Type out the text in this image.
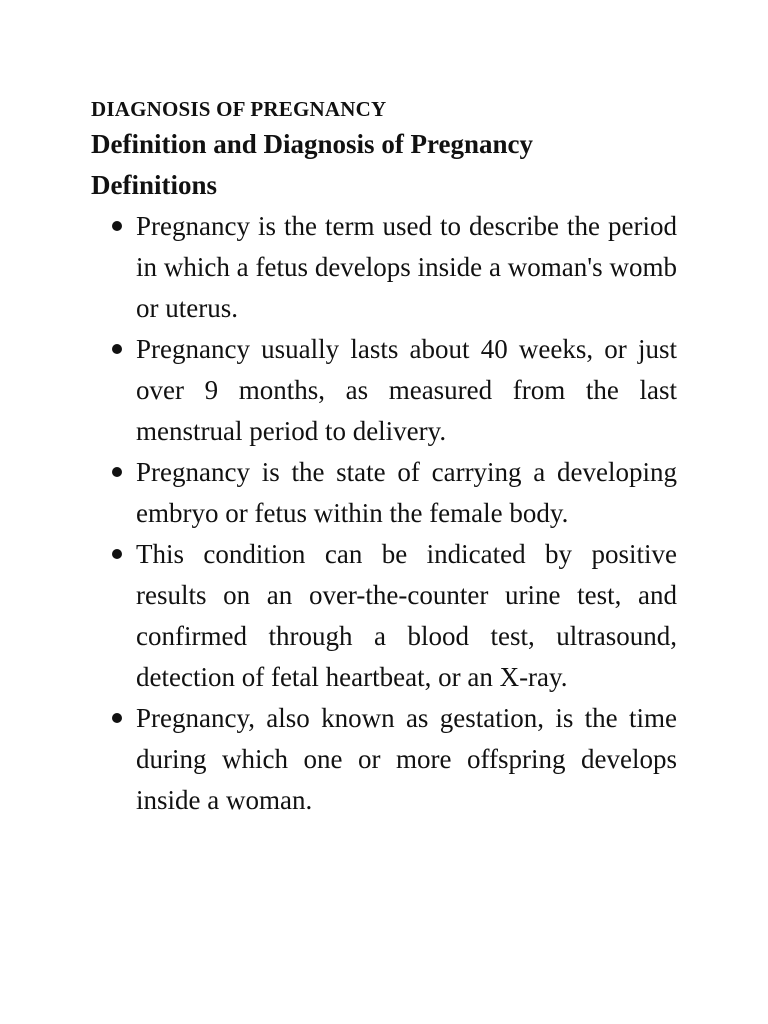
DIAGNOSIS OF PREGNANCY
Definition and Diagnosis of Pregnancy
Definitions
Pregnancy is the term used to describe the period in which a fetus develops inside a woman's womb or uterus.
Pregnancy usually lasts about 40 weeks, or just over 9 months, as measured from the last menstrual period to delivery.
Pregnancy is the state of carrying a developing embryo or fetus within the female body.
This condition can be indicated by positive results on an over-the-counter urine test, and confirmed through a blood test, ultrasound, detection of fetal heartbeat, or an X-ray.
Pregnancy, also known as gestation, is the time during which one or more offspring develops inside a woman.
